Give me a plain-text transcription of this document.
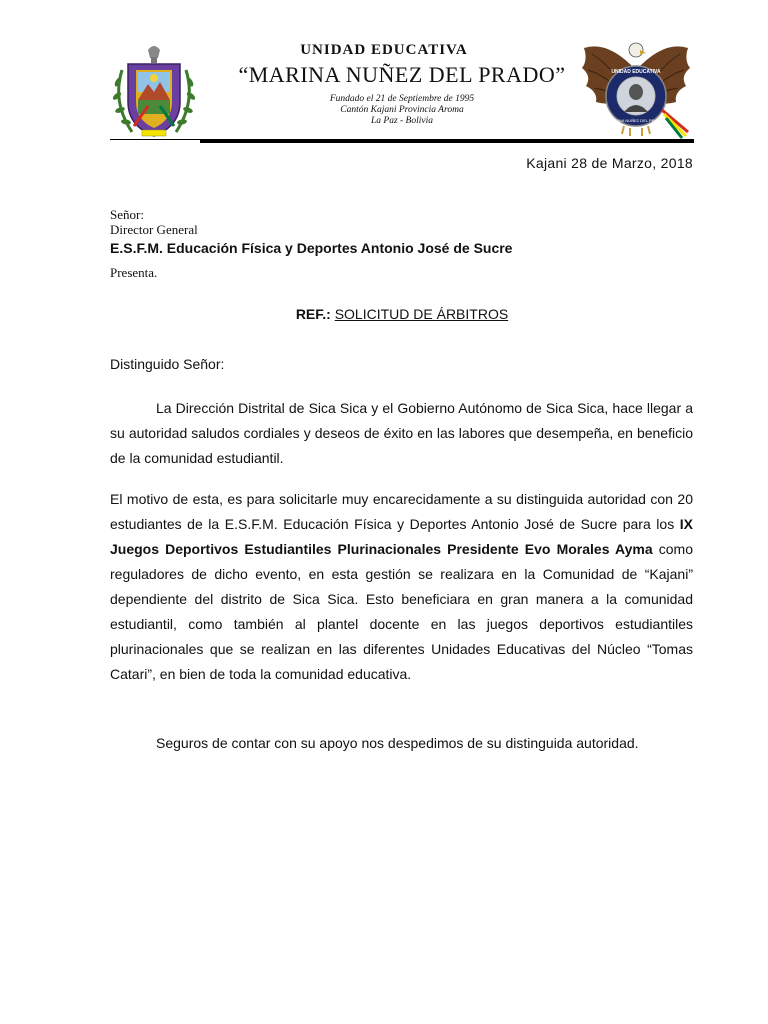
UNIDAD EDUCATIVA
MARINA NUÑEZ DEL PRADO
UNIDAD EDUCATIVA
“MARINA NUÑEZ DEL PRADO”
Fundado el 21 de Septiembre de 1995
Cantón Kajani Provincia Aroma
La Paz - Bolivia
Kajani 28 de Marzo, 2018
Señor:
Director General
E.S.F.M. Educación Física y Deportes Antonio José de Sucre
Presenta.
REF.: SOLICITUD DE ÁRBITROS
Distinguido Señor:

La Dirección Distrital de Sica Sica y el Gobierno Autónomo de Sica Sica, hace llegar a su autoridad saludos cordiales y deseos de éxito en las labores que desempeña, en beneficio de la comunidad estudiantil.

El motivo de esta, es para solicitarle muy encarecidamente a su distinguida autoridad con 20 estudiantes de la E.S.F.M. Educación Física y Deportes Antonio José de Sucre para los IX Juegos Deportivos Estudiantiles Plurinacionales Presidente Evo Morales Ayma como reguladores de dicho evento, en esta gestión se realizara en la Comunidad de “Kajani” dependiente del distrito de Sica Sica. Esto beneficiara en gran manera a la comunidad estudiantil, como también al plantel docente en las juegos deportivos estudiantiles plurinacionales que se realizan en las diferentes Unidades Educativas del Núcleo “Tomas Catari”, en bien de toda la comunidad educativa.

Seguros de contar con su apoyo nos despedimos de su distinguida autoridad.
